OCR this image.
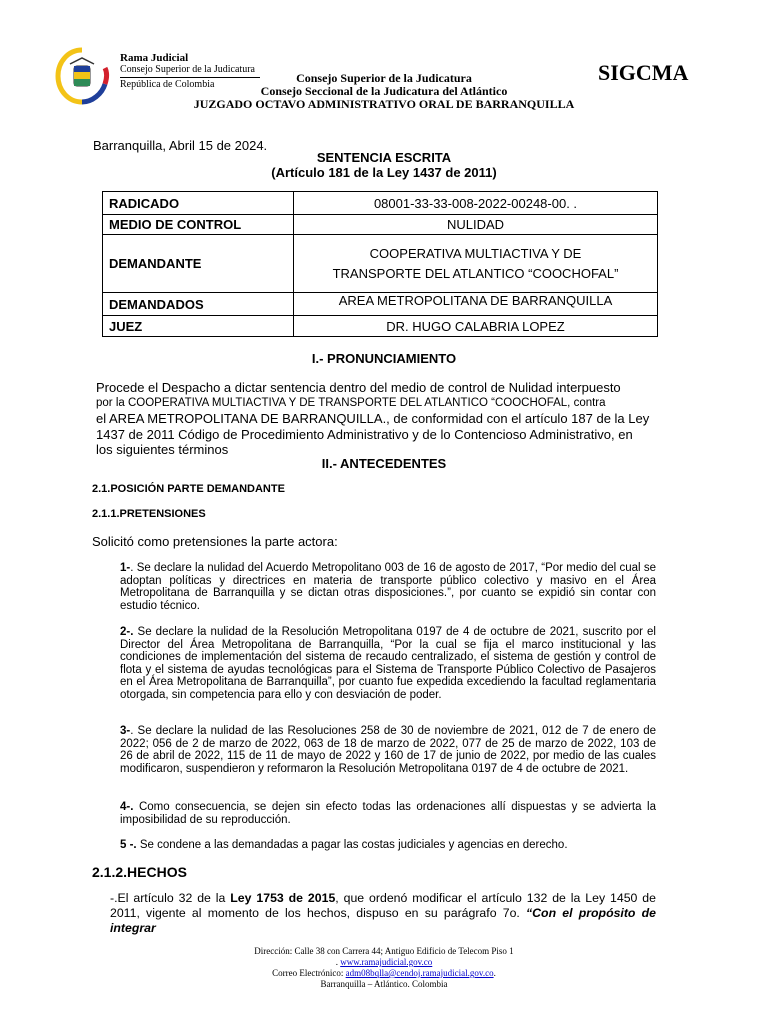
Rama Judicial
Consejo Superior de la Judicatura
República de Colombia	Consejo Superior de la Judicatura
Consejo Seccional de la Judicatura del Atlántico
JUZGADO OCTAVO ADMINISTRATIVO ORAL DE BARRANQUILLA
SIGCMA
Barranquilla, Abril 15 de 2024.
SENTENCIA ESCRITA
(Artículo 181 de la Ley 1437 de 2011)
RADICADO	08001-33-33-008-2022-00248-00. .
MEDIO DE CONTROL	NULIDAD
DEMANDANTE	COOPERATIVA MULTIACTIVA Y DE
TRANSPORTE DEL ATLANTICO “COOCHOFAL”

DEMANDADOS	AREA METROPOLITANA DE BARRANQUILLA
JUEZ	DR. HUGO CALABRIA LOPEZ
I.- PRONUNCIAMIENTO
Procede el Despacho a dictar sentencia dentro del medio de control de Nulidad interpuesto
por la COOPERATIVA MULTIACTIVA Y DE TRANSPORTE DEL ATLANTICO “COOCHOFAL, contra
el AREA METROPOLITANA DE BARRANQUILLA., de conformidad con el artículo 187 de la Ley
1437 de 2011 Código de Procedimiento Administrativo y de lo Contencioso Administrativo, en
los siguientes términos
II.- ANTECEDENTES
2.1.POSICIÓN PARTE DEMANDANTE
2.1.1.PRETENSIONES
Solicitó como pretensiones la parte actora:
1-. Se declare la nulidad del Acuerdo Metropolitano 003 de 16 de agosto de 2017, “Por medio del cual se adoptan políticas y directrices en materia de transporte público colectivo y masivo en el Área Metropolitana de Barranquilla y se dictan otras disposiciones.”, por cuanto se expidió sin contar con estudio técnico.
2-. Se declare la nulidad de la Resolución Metropolitana 0197 de 4 de octubre de 2021, suscrito por el Director del Área Metropolitana de Barranquilla, “Por la cual se fija el marco institucional y las condiciones de implementación del sistema de recaudo centralizado, el sistema de gestión y control de flota y el sistema de ayudas tecnológicas para el Sistema de Transporte Público Colectivo de Pasajeros en el Área Metropolitana de Barranquilla”, por cuanto fue expedida excediendo la facultad reglamentaria otorgada, sin competencia para ello y con desviación de poder.
3-. Se declare la nulidad de las Resoluciones 258 de 30 de noviembre de 2021, 012 de 7 de enero de 2022; 056 de 2 de marzo de 2022, 063 de 18 de marzo de 2022, 077 de 25 de marzo de 2022, 103 de 26 de abril de 2022, 115 de 11 de mayo de 2022 y 160 de 17 de junio de 2022, por medio de las cuales modificaron, suspendieron y reformaron la Resolución Metropolitana 0197 de 4 de octubre de 2021.
4-. Como consecuencia, se dejen sin efecto todas las ordenaciones allí dispuestas y se advierta la imposibilidad de su reproducción.
5 -. Se condene a las demandadas a pagar las costas judiciales y agencias en derecho.
2.1.2.HECHOS
-.El artículo 32 de la Ley 1753 de 2015, que ordenó modificar el artículo 132 de la Ley 1450 de 2011, vigente al momento de los hechos, dispuso en su parágrafo 7o. “Con el propósito de integrar
Dirección: Calle 38 con Carrera 44; Antiguo Edificio de Telecom Piso 1
. www.ramajudicial.gov.co
Correo Electrónico: adm08bqlla@cendoj.ramajudicial.gov.co.
Barranquilla – Atlántico. Colombia
